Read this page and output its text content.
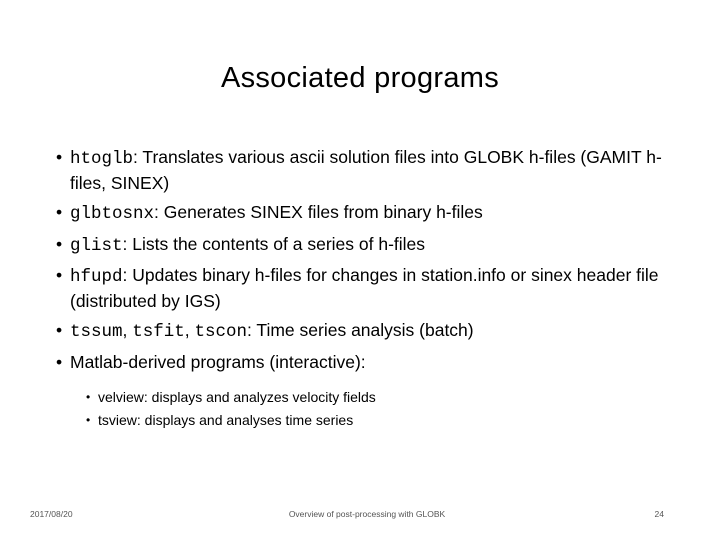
Associated programs
• htoglb: Translates various ascii solution files into GLOBK h-files (GAMIT h-files, SINEX)
• glbtosnx: Generates SINEX files from binary h-files
• glist: Lists the contents of a series of h-files
• hfupd: Updates binary h-files for changes in station.info or sinex header file (distributed by IGS)
• tssum, tsfit, tscon: Time series analysis (batch)
• Matlab-derived programs (interactive):
• velview: displays and analyzes velocity fields
• tsview: displays and analyses time series
2017/08/20	Overview of post-processing with GLOBK	24
